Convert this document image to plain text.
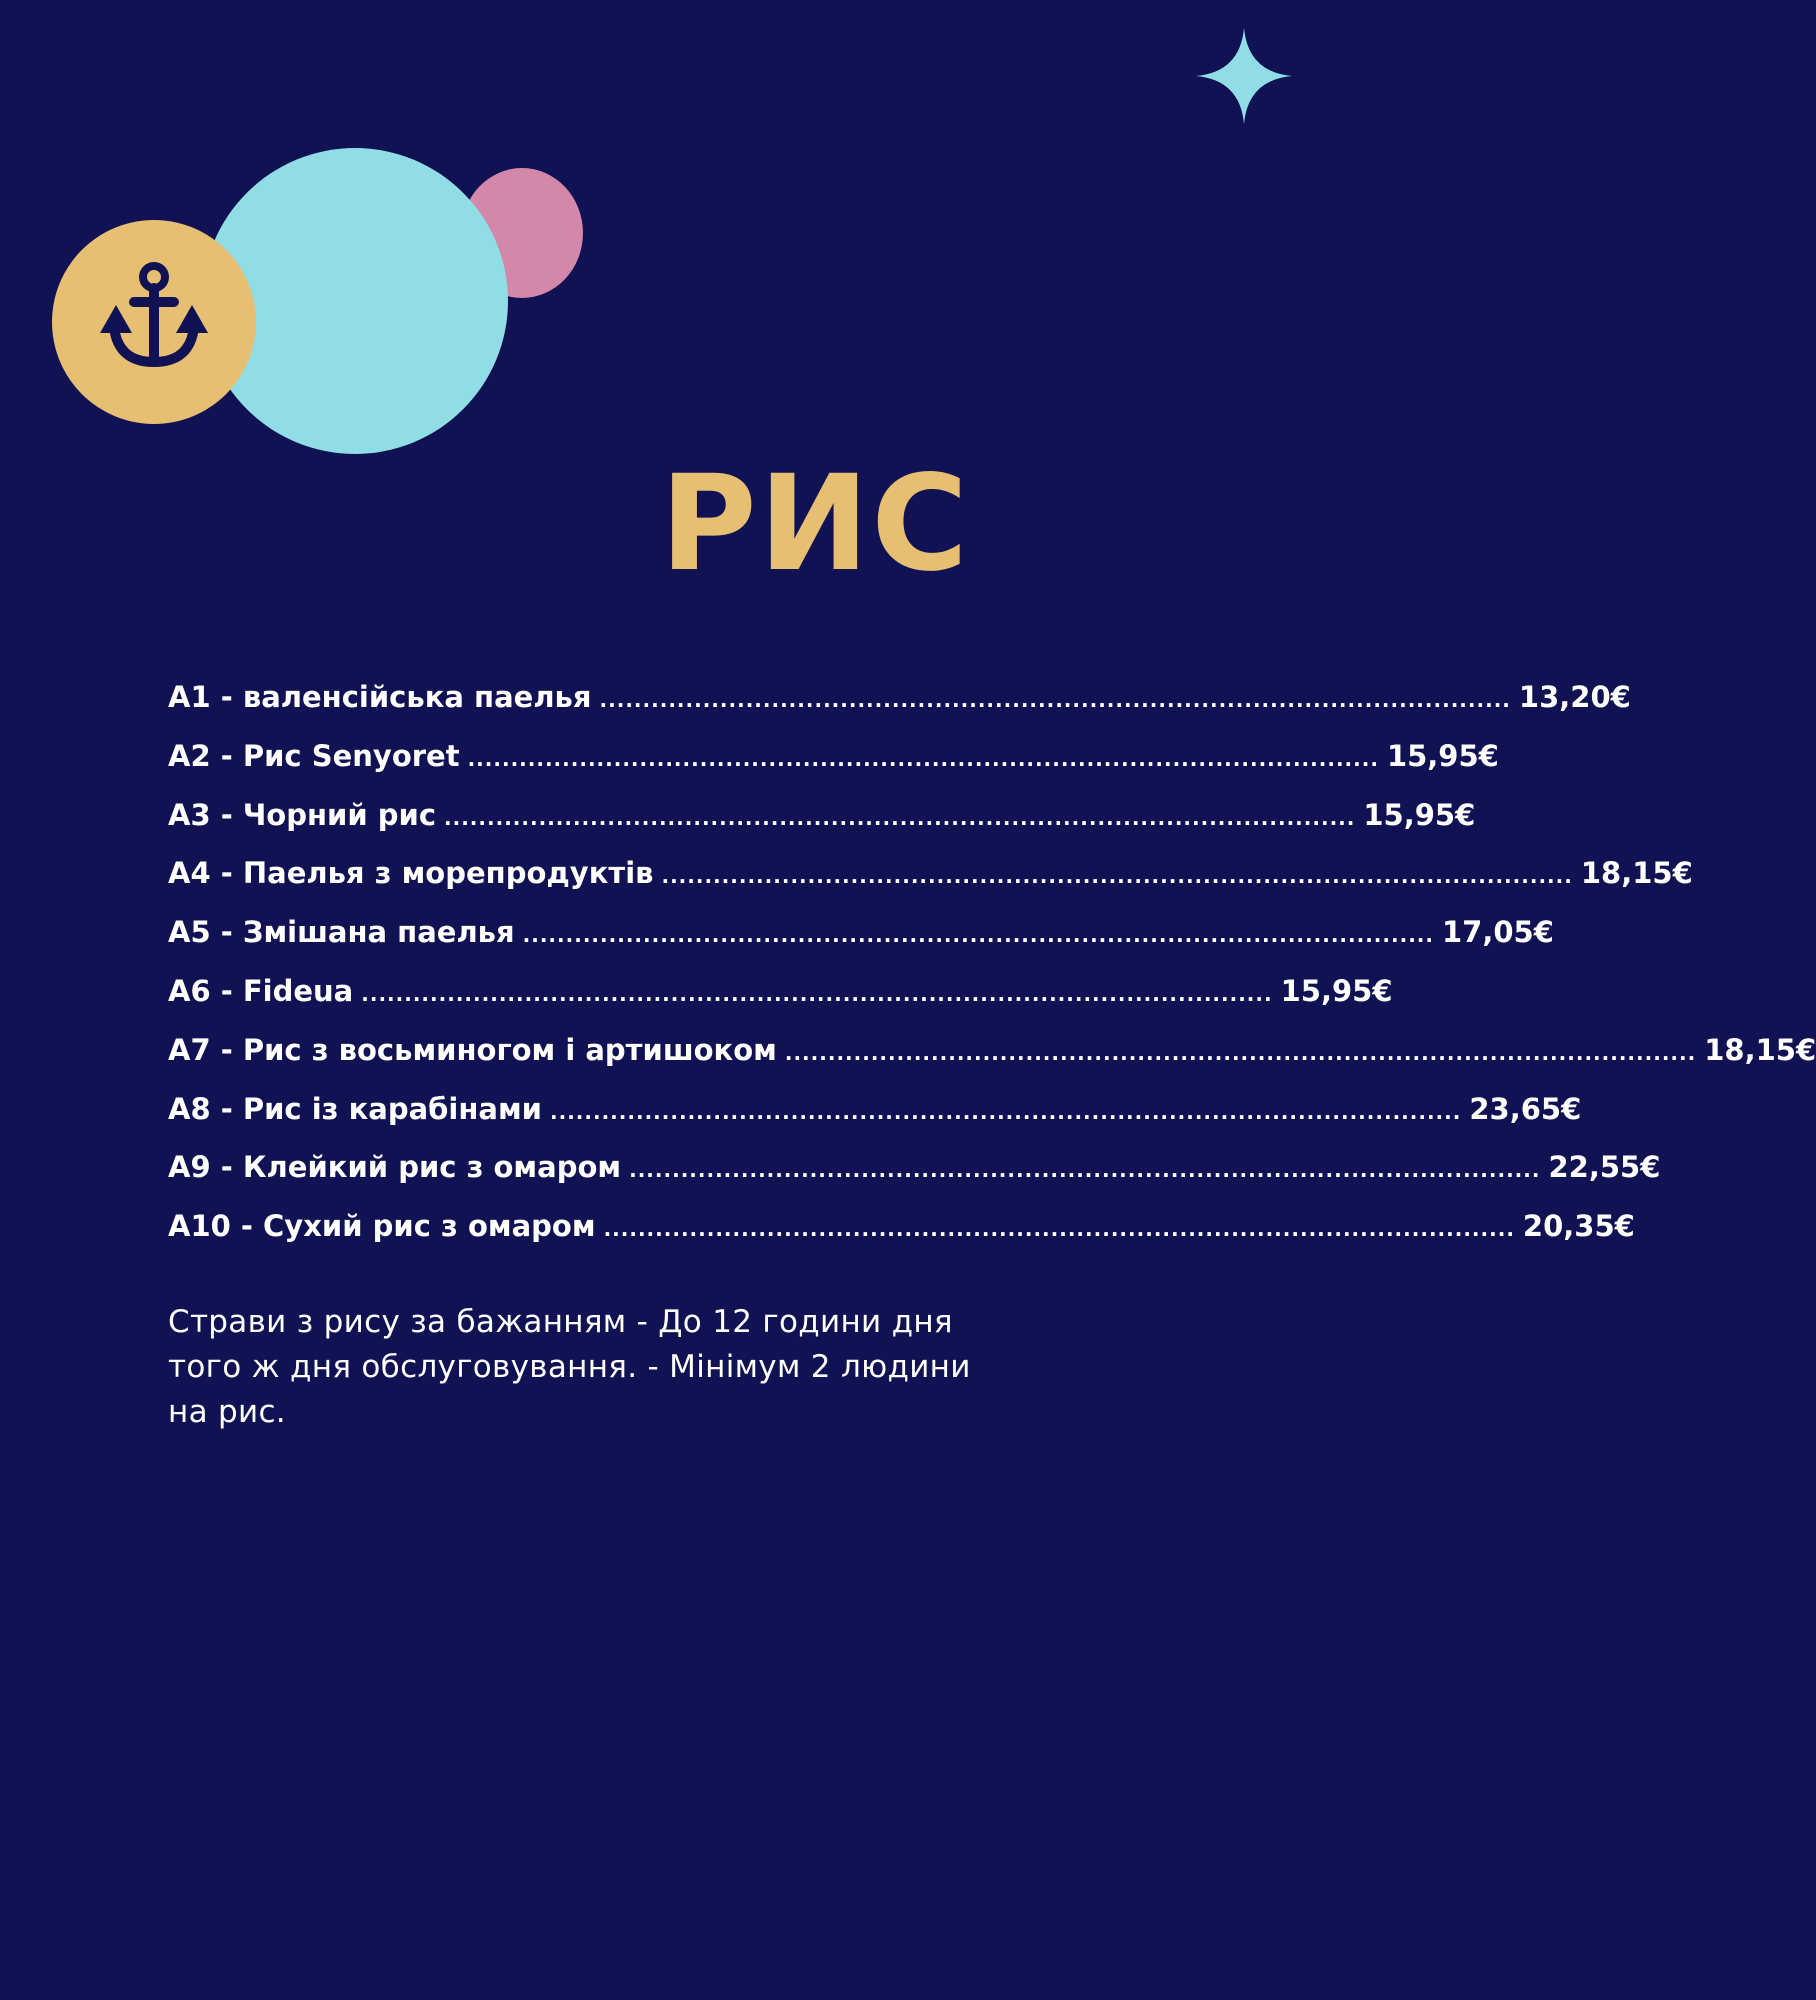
РИС
A1 - валенсійська паелья .......................................................................................................... 13,20€
A2 - Рис Senyoret .......................................................................................................... 15,95€
A3 - Чорний рис .......................................................................................................... 15,95€
A4 - Паелья з морепродуктів .......................................................................................................... 18,15€
A5 - Змішана паелья .......................................................................................................... 17,05€
A6 - Fideua .......................................................................................................... 15,95€
A7 - Рис з восьминогом і артишоком .......................................................................................................... 18,15€
A8 - Рис із карабінами .......................................................................................................... 23,65€
A9 - Клейкий рис з омаром .......................................................................................................... 22,55€
A10 - Сухий рис з омаром .......................................................................................................... 20,35€

Страви з рису за бажанням - До 12 години дня того ж дня обслуговування. - Мінімум 2 людини на рис.
